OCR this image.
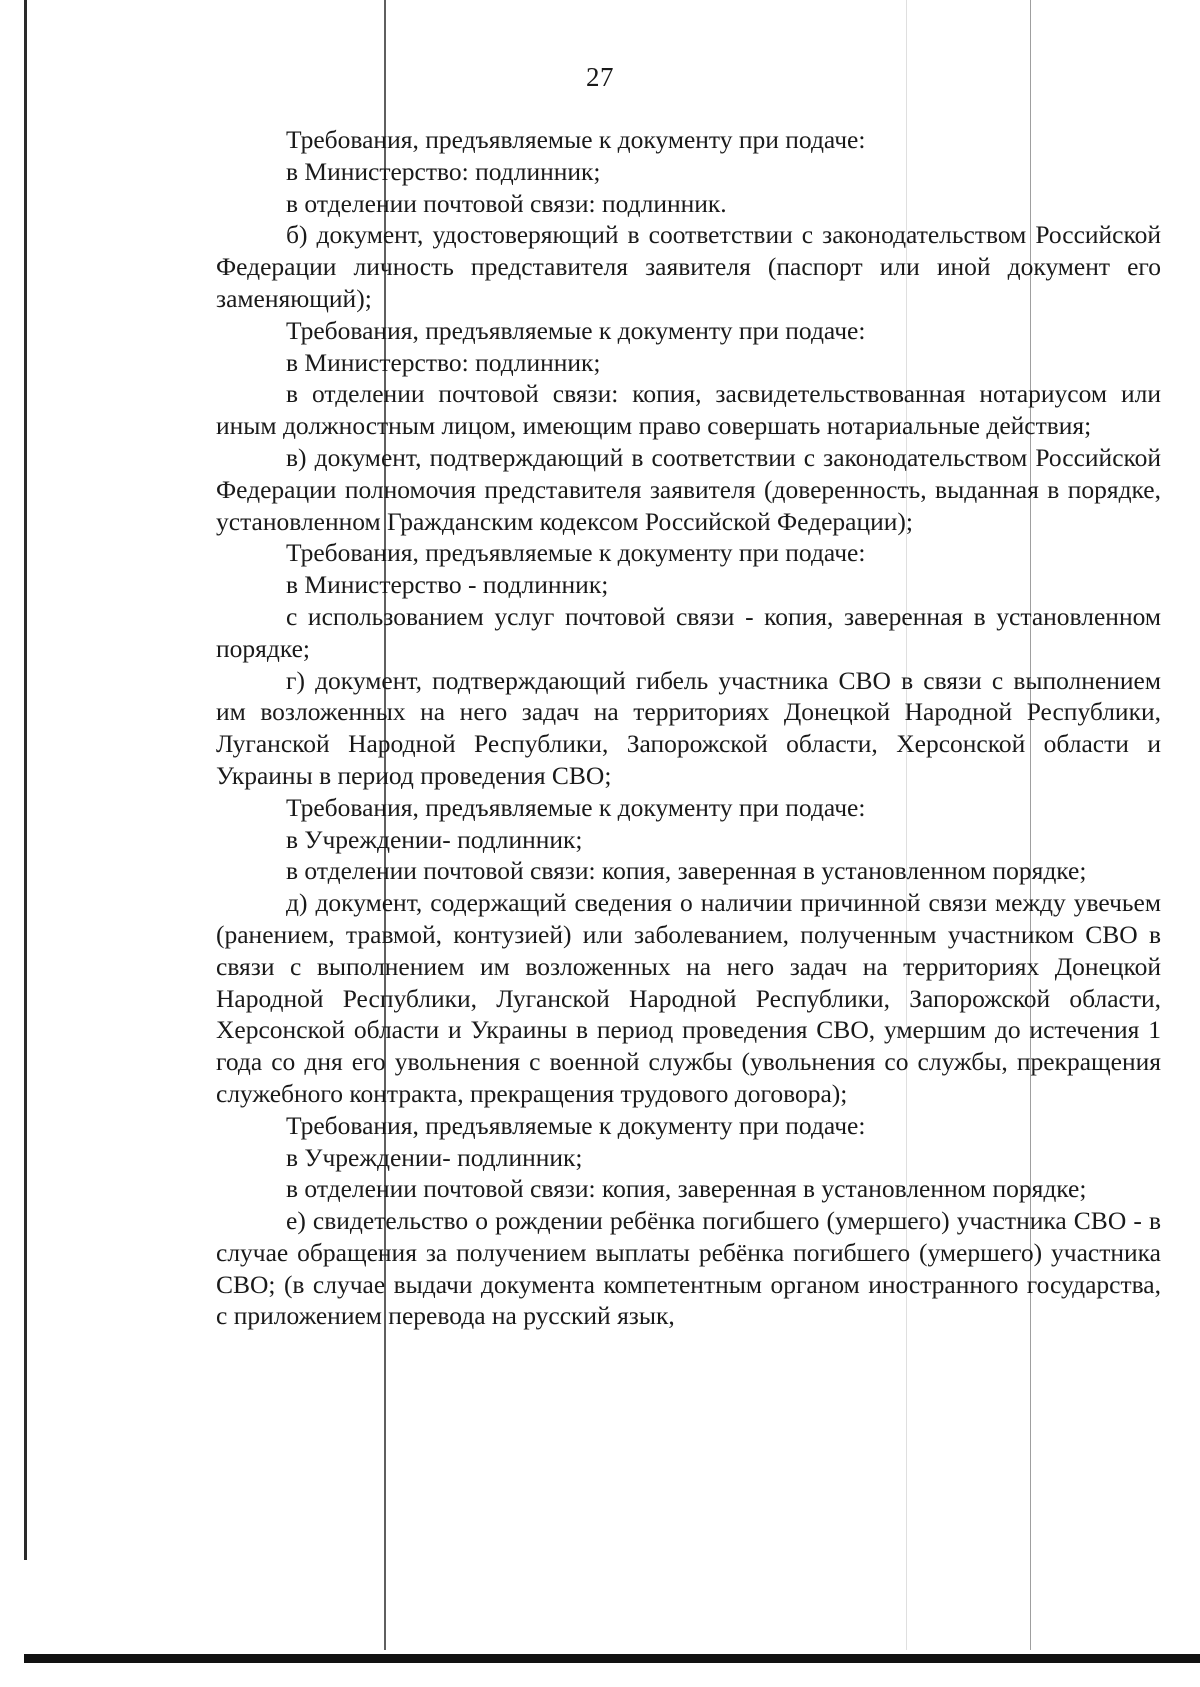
27

Требования, предъявляемые к документу при подаче:

в Министерство: подлинник;

в отделении почтовой связи: подлинник.

б) документ, удостоверяющий в соответствии с законодательством Российской Федерации личность представителя заявителя (паспорт или иной документ его заменяющий);

Требования, предъявляемые к документу при подаче:

в Министерство: подлинник;

в отделении почтовой связи: копия, засвидетельствованная нотариусом или иным должностным лицом, имеющим право совершать нотариальные действия;

в) документ, подтверждающий в соответствии с законодательством Российской Федерации полномочия представителя заявителя (доверенность, выданная в порядке, установленном Гражданским кодексом Российской Федерации);

Требования, предъявляемые к документу при подаче:

в Министерство - подлинник;

с использованием услуг почтовой связи - копия, заверенная в установленном порядке;

г) документ, подтверждающий гибель участника СВО в связи с выполнением им возложенных на него задач на территориях Донецкой Народной Республики, Луганской Народной Республики, Запорожской области, Херсонской области и Украины в период проведения СВО;

Требования, предъявляемые к документу при подаче:

в Учреждении- подлинник;

в отделении почтовой связи: копия, заверенная в установленном порядке;

д) документ, содержащий сведения о наличии причинной связи между увечьем (ранением, травмой, контузией) или заболеванием, полученным участником СВО в связи с выполнением им возложенных на него задач на территориях Донецкой Народной Республики, Луганской Народной Республики, Запорожской области, Херсонской области и Украины в период проведения СВО, умершим до истечения 1 года со дня его увольнения с военной службы (увольнения со службы, прекращения служебного контракта, прекращения трудового договора);

Требования, предъявляемые к документу при подаче:

в Учреждении- подлинник;

в отделении почтовой связи: копия, заверенная в установленном порядке;

е) свидетельство о рождении ребёнка погибшего (умершего) участника СВО - в случае обращения за получением выплаты ребёнка погибшего (умершего) участника СВО; (в случае выдачи документа компетентным органом иностранного государства, с приложением перевода на русский язык,
